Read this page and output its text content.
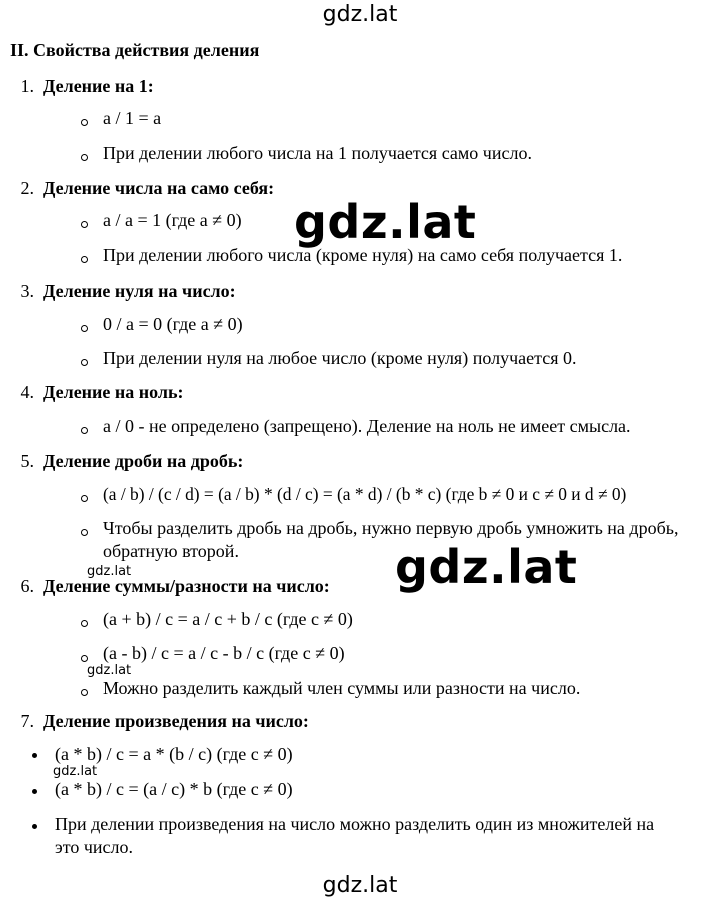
gdz.lat
gdz.lat
gdz.lat
gdz.lat
gdz.lat
gdz.lat
gdz.lat
II. Свойства действия деления
1. Деление на 1:
a / 1 = a
При делении любого числа на 1 получается само число.
2. Деление числа на само себя:
a / a = 1 (где a ≠ 0)
При делении любого числа (кроме нуля) на само себя получается 1.
3. Деление нуля на число:
0 / a = 0 (где a ≠ 0)
При делении нуля на любое число (кроме нуля) получается 0.
4. Деление на ноль:
a / 0 - не определено (запрещено). Деление на ноль не имеет смысла.
5. Деление дроби на дробь:
(a / b) / (c / d) = (a / b) * (d / c) = (a * d) / (b * c) (где b ≠ 0 и c ≠ 0 и d ≠ 0)
Чтобы разделить дробь на дробь, нужно первую дробь умножить на дробь,
обратную второй.
6. Деление суммы/разности на число:
(a + b) / c = a / c + b / c (где c ≠ 0)
(a - b) / c = a / c - b / c (где c ≠ 0)
Можно разделить каждый член суммы или разности на число.
7. Деление произведения на число:
(a * b) / c = a * (b / c) (где c ≠ 0)
(a * b) / c = (a / c) * b (где c ≠ 0)
При делении произведения на число можно разделить один из множителей на
это число.
